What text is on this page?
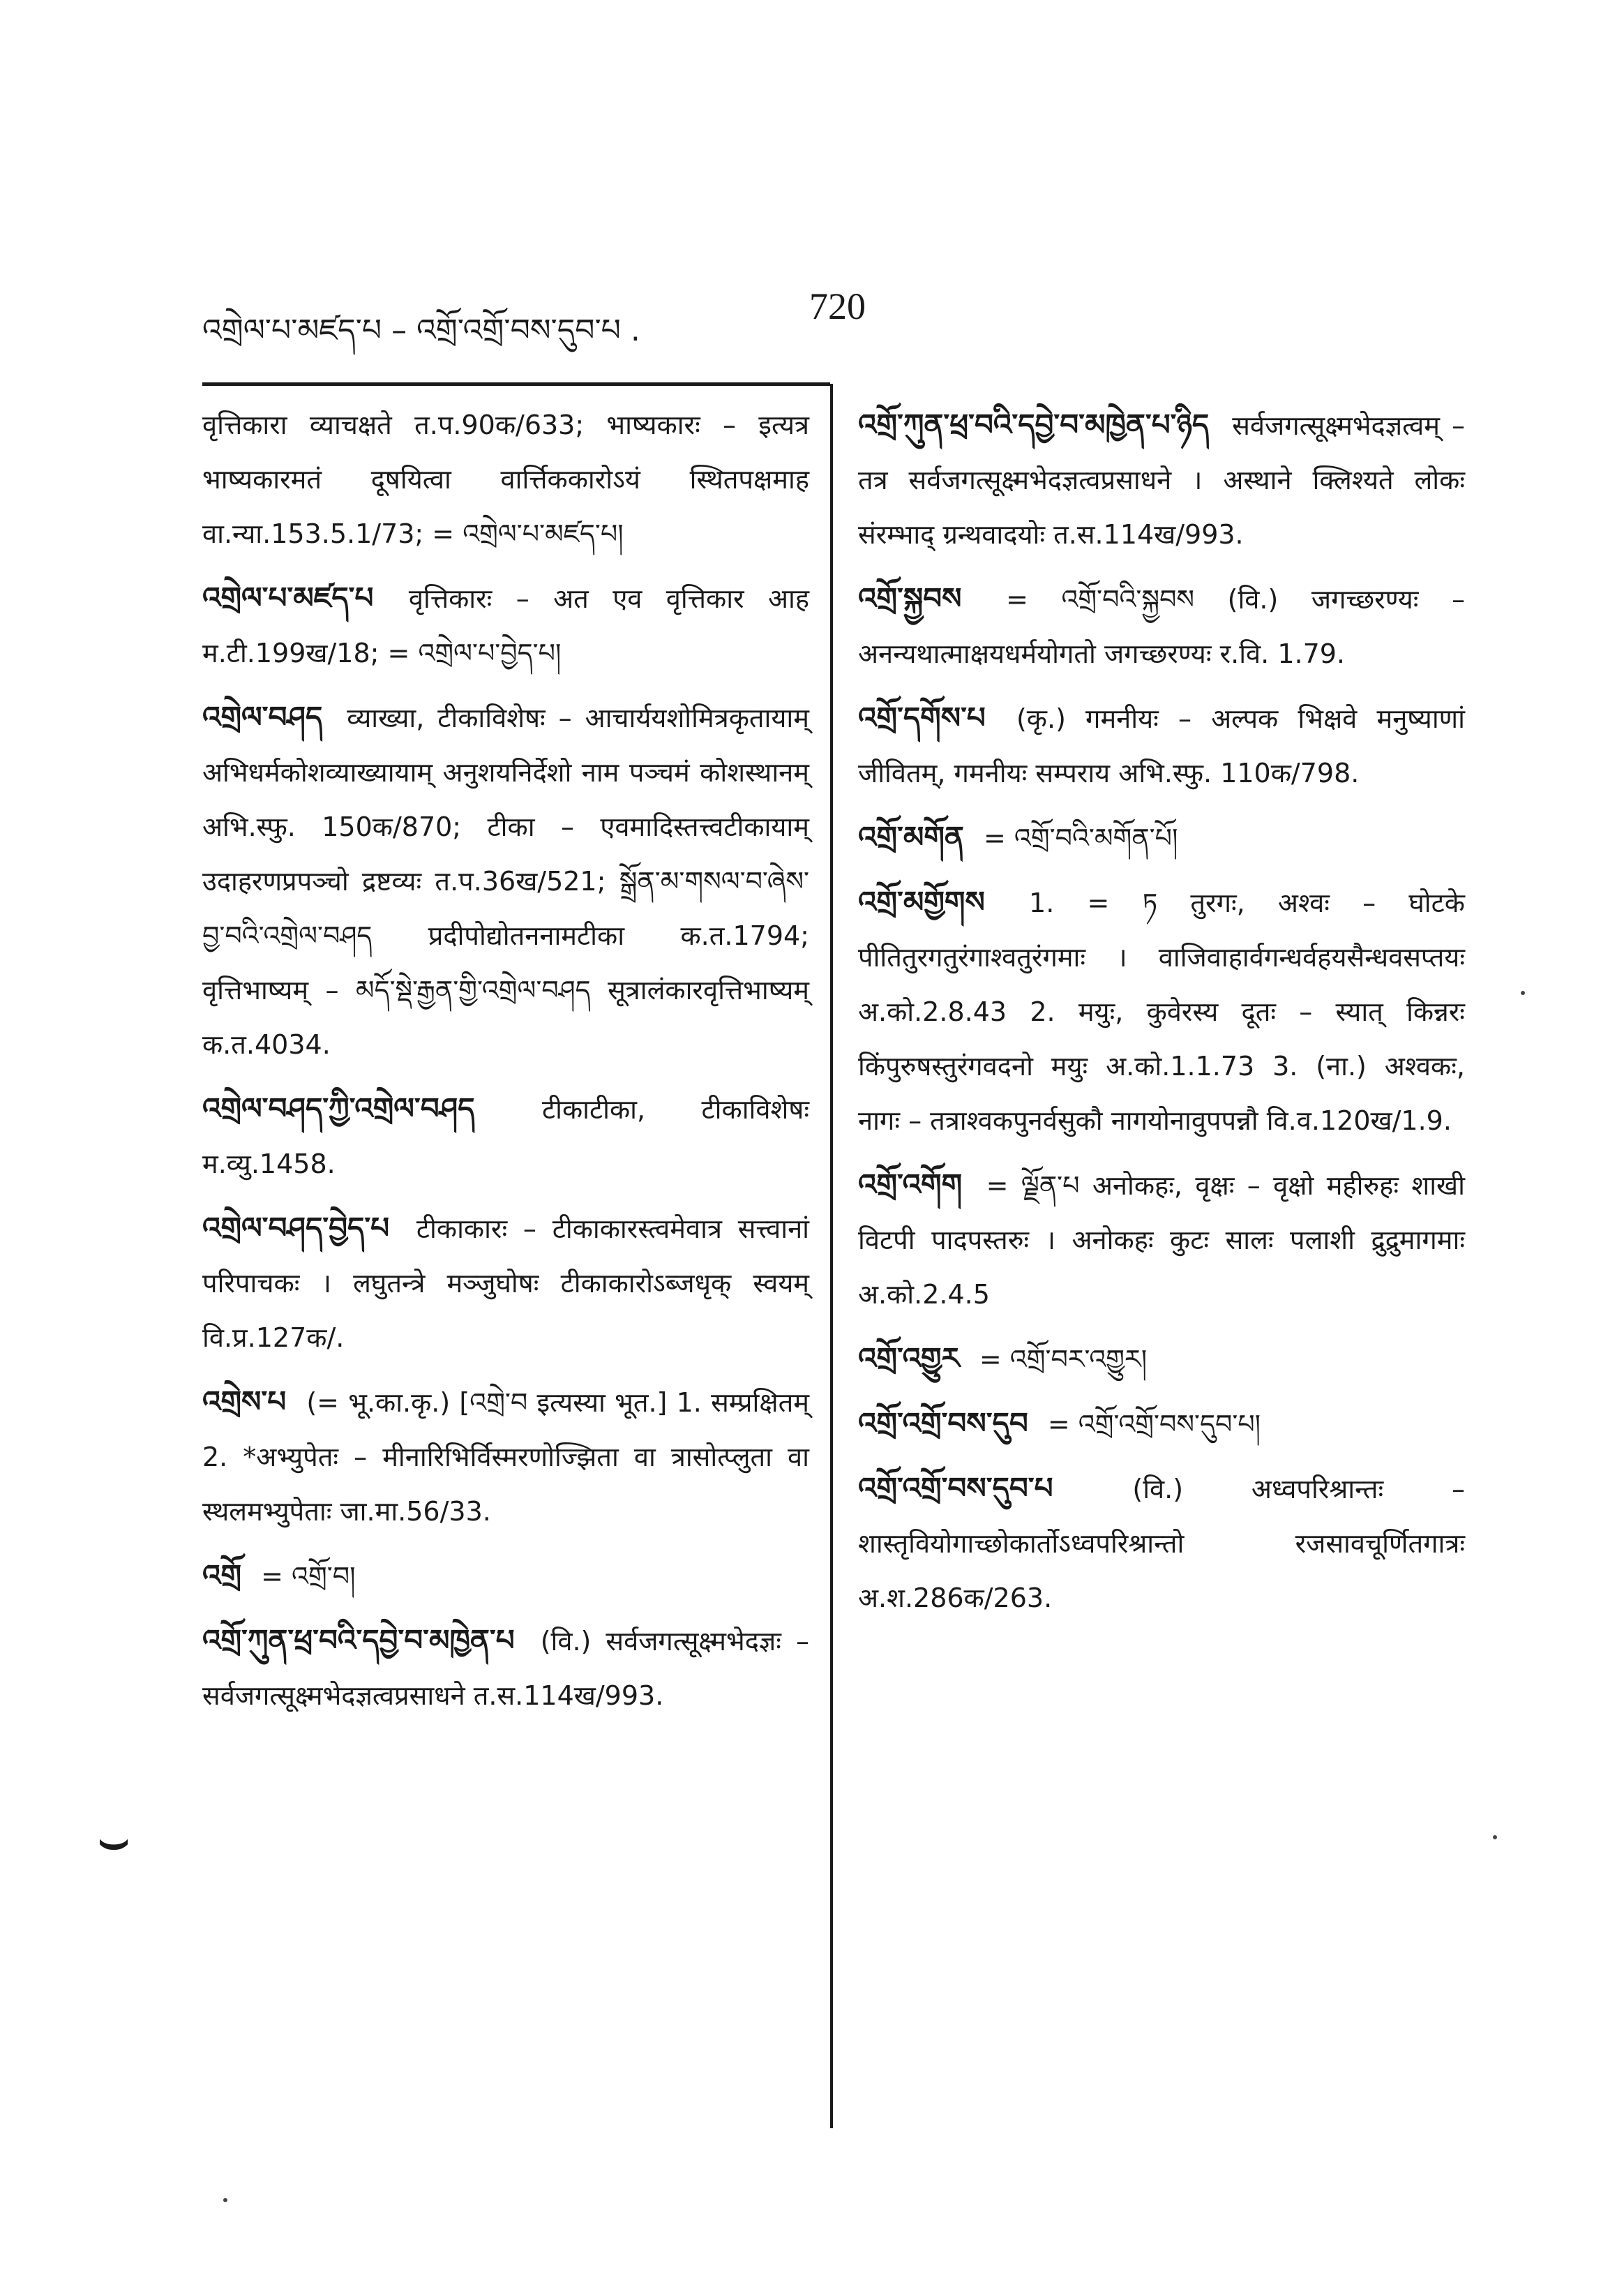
འགྲེལ་པ་མཛད་པ – འགྲོ་འགྲོ་བས་དུབ་པ .
720

वृत्तिकारा व्याचक्षते त.प.90क/633; भाष्यकारः – इत्यत्र भाष्यकारमतं दूषयित्वा वार्त्तिककारोऽयं स्थितपक्षमाह वा.न्या.153.5.1/73; = འགྲེལ་པ་མཛད་པ།

འགྲེལ་པ་མཛད་པ वृत्तिकारः – अत एव वृत्तिकार आह म.टी.199ख/18; = འགྲེལ་པ་བྱེད་པ།

འགྲེལ་བཤད व्याख्या, टीकाविशेषः – आचार्ययशोमित्रकृतायाम् अभिधर्मकोशव्याख्यायाम् अनुशयनिर्देशो नाम पञ्चमं कोशस्थानम् अभि.स्फु. 150क/870; टीका – एवमादिस्तत्त्वटीकायाम् उदाहरणप्रपञ्चो द्रष्टव्यः त.प.36ख/521; སྒྲོན་མ་གསལ་བ་ཞེས་བྱ་བའི་འགྲེལ་བཤད प्रदीपोद्योतननामटीका क.त.1794; वृत्तिभाष्यम् – མདོ་སྡེ་རྒྱན་གྱི་འགྲེལ་བཤད सूत्रालंकारवृत्तिभाष्यम् क.त.4034.

འགྲེལ་བཤད་ཀྱི་འགྲེལ་བཤད	टीकाटीका, टीकाविशेषः म.व्यु.1458.

འགྲེལ་བཤད་བྱེད་པ टीकाकारः – टीकाकारस्त्वमेवात्र सत्त्वानां परिपाचकः । लघुतन्त्रे मञ्जुघोषः टीकाकारोऽब्जधृक् स्वयम् वि.प्र.127क/.

འགྲེས་པ (= भू.का.कृ.) [འགྲེ་བ इत्यस्या भूत.] 1. सम्प्रक्षितम् 2. *अभ्युपेतः – मीनारिभिर्विस्मरणोज्झिता वा त्रासोत्प्लुता वा स्थलमभ्युपेताः जा.मा.56/33.

འགྲོ = འགྲོ་བ།

འགྲོ་ཀུན་ཕྲ་བའི་དབྱེ་བ་མཁྱེན་པ (वि.) सर्वजगत्सूक्ष्मभेदज्ञः – सर्वजगत्सूक्ष्मभेदज्ञत्वप्रसाधने त.स.114ख/993.

འགྲོ་ཀུན་ཕྲ་བའི་དབྱེ་བ་མཁྱེན་པ་ཉིད सर्वजगत्सूक्ष्मभेदज्ञत्वम् – तत्र सर्वजगत्सूक्ष्मभेदज्ञत्वप्रसाधने । अस्थाने क्लिश्यते लोकः संरम्भाद् ग्रन्थवादयोः त.स.114ख/993.

འགྲོ་སྐྱབས = འགྲོ་བའི་སྐྱབས (वि.) जगच्छरण्यः – अनन्यथात्माक्षयधर्मयोगतो जगच्छरण्यः र.वि. 1.79.

འགྲོ་དགོས་པ (कृ.) गमनीयः – अल्पक भिक्षवे मनुष्याणां जीवितम्, गमनीयः सम्पराय अभि.स्फु. 110क/798.

འགྲོ་མགོན = འགྲོ་བའི་མགོན་པོ།

འགྲོ་མགྱོགས 1. = ཏ तुरगः, अश्वः – घोटके पीतितुरगतुरंगाश्वतुरंगमाः । वाजिवाहार्वगन्धर्वहयसैन्धवसप्तयः अ.को.2.8.43 2. मयुः, कुवेरस्य दूतः – स्यात् किन्नरः किंपुरुषस्तुरंगवदनो मयुः अ.को.1.1.73 3. (ना.) अश्वकः, नागः – तत्राश्वकपुनर्वसुकौ नागयोनावुपपन्नौ वि.व.120ख/1.9.

འགྲོ་འགོག = ལྗོན་པ अनोकहः, वृक्षः – वृक्षो महीरुहः शाखी विटपी पादपस्तरुः । अनोकहः कुटः सालः पलाशी द्रुद्रुमागमाः अ.को.2.4.5

འགྲོ་འགྱུར = འགྲོ་བར་འགྱུར།

འགྲོ་འགྲོ་བས་དུབ = འགྲོ་འགྲོ་བས་དུབ་པ།

འགྲོ་འགྲོ་བས་དུབ་པ	(वि.) अध्वपरिश्रान्तः – शास्तृवियोगाच्छोकार्तोऽध्वपरिश्रान्तो रजसावचूर्णितगात्रः अ.श.286क/263.

⌣
